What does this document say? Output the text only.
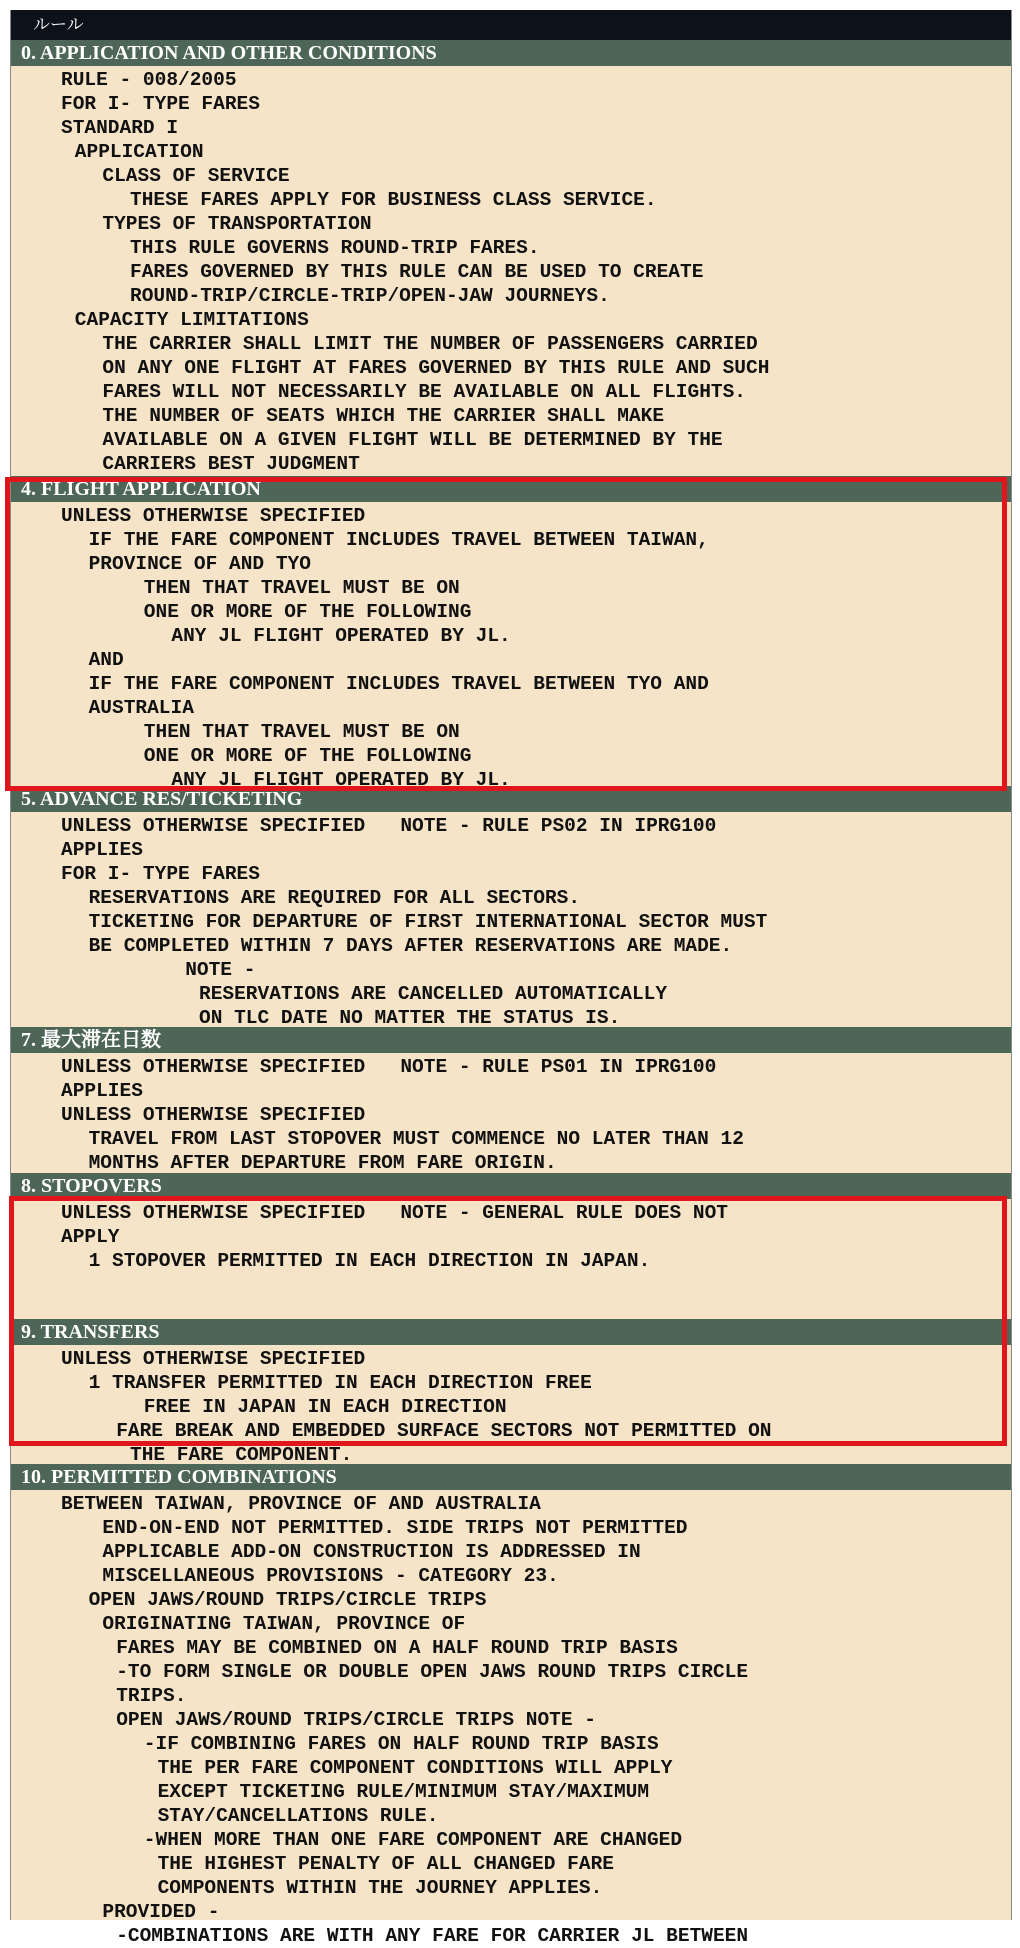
ルール
0. APPLICATION AND OTHER CONDITIONS
RULE - 008/2005
FOR I- TYPE FARES
STANDARD I
APPLICATION
CLASS OF SERVICE
THESE FARES APPLY FOR BUSINESS CLASS SERVICE.
TYPES OF TRANSPORTATION
THIS RULE GOVERNS ROUND-TRIP FARES.
FARES GOVERNED BY THIS RULE CAN BE USED TO CREATE
ROUND-TRIP/CIRCLE-TRIP/OPEN-JAW JOURNEYS.
CAPACITY LIMITATIONS
THE CARRIER SHALL LIMIT THE NUMBER OF PASSENGERS CARRIED
ON ANY ONE FLIGHT AT FARES GOVERNED BY THIS RULE AND SUCH
FARES WILL NOT NECESSARILY BE AVAILABLE ON ALL FLIGHTS.
THE NUMBER OF SEATS WHICH THE CARRIER SHALL MAKE
AVAILABLE ON A GIVEN FLIGHT WILL BE DETERMINED BY THE
CARRIERS BEST JUDGMENT
4. FLIGHT APPLICATION
UNLESS OTHERWISE SPECIFIED
IF THE FARE COMPONENT INCLUDES TRAVEL BETWEEN TAIWAN,
PROVINCE OF AND TYO
THEN THAT TRAVEL MUST BE ON
ONE OR MORE OF THE FOLLOWING
ANY JL FLIGHT OPERATED BY JL.
AND
IF THE FARE COMPONENT INCLUDES TRAVEL BETWEEN TYO AND
AUSTRALIA
THEN THAT TRAVEL MUST BE ON
ONE OR MORE OF THE FOLLOWING
ANY JL FLIGHT OPERATED BY JL.
5. ADVANCE RES/TICKETING
UNLESS OTHERWISE SPECIFIED   NOTE - RULE PS02 IN IPRG100
APPLIES
FOR I- TYPE FARES
RESERVATIONS ARE REQUIRED FOR ALL SECTORS.
TICKETING FOR DEPARTURE OF FIRST INTERNATIONAL SECTOR MUST
BE COMPLETED WITHIN 7 DAYS AFTER RESERVATIONS ARE MADE.
NOTE -
RESERVATIONS ARE CANCELLED AUTOMATICALLY
ON TLC DATE NO MATTER THE STATUS IS.
7. 最大滞在日数
UNLESS OTHERWISE SPECIFIED   NOTE - RULE PS01 IN IPRG100
APPLIES
UNLESS OTHERWISE SPECIFIED
TRAVEL FROM LAST STOPOVER MUST COMMENCE NO LATER THAN 12
MONTHS AFTER DEPARTURE FROM FARE ORIGIN.
8. STOPOVERS
UNLESS OTHERWISE SPECIFIED   NOTE - GENERAL RULE DOES NOT
APPLY
1 STOPOVER PERMITTED IN EACH DIRECTION IN JAPAN.
9. TRANSFERS
UNLESS OTHERWISE SPECIFIED
1 TRANSFER PERMITTED IN EACH DIRECTION FREE
FREE IN JAPAN IN EACH DIRECTION
FARE BREAK AND EMBEDDED SURFACE SECTORS NOT PERMITTED ON
THE FARE COMPONENT.
10. PERMITTED COMBINATIONS
BETWEEN TAIWAN, PROVINCE OF AND AUSTRALIA
END-ON-END NOT PERMITTED. SIDE TRIPS NOT PERMITTED
APPLICABLE ADD-ON CONSTRUCTION IS ADDRESSED IN
MISCELLANEOUS PROVISIONS - CATEGORY 23.
OPEN JAWS/ROUND TRIPS/CIRCLE TRIPS
ORIGINATING TAIWAN, PROVINCE OF
FARES MAY BE COMBINED ON A HALF ROUND TRIP BASIS
-TO FORM SINGLE OR DOUBLE OPEN JAWS ROUND TRIPS CIRCLE
TRIPS.
OPEN JAWS/ROUND TRIPS/CIRCLE TRIPS NOTE -
-IF COMBINING FARES ON HALF ROUND TRIP BASIS
THE PER FARE COMPONENT CONDITIONS WILL APPLY
EXCEPT TICKETING RULE/MINIMUM STAY/MAXIMUM
STAY/CANCELLATIONS RULE.
-WHEN MORE THAN ONE FARE COMPONENT ARE CHANGED
THE HIGHEST PENALTY OF ALL CHANGED FARE
COMPONENTS WITHIN THE JOURNEY APPLIES.
PROVIDED -
-COMBINATIONS ARE WITH ANY FARE FOR CARRIER JL BETWEEN
